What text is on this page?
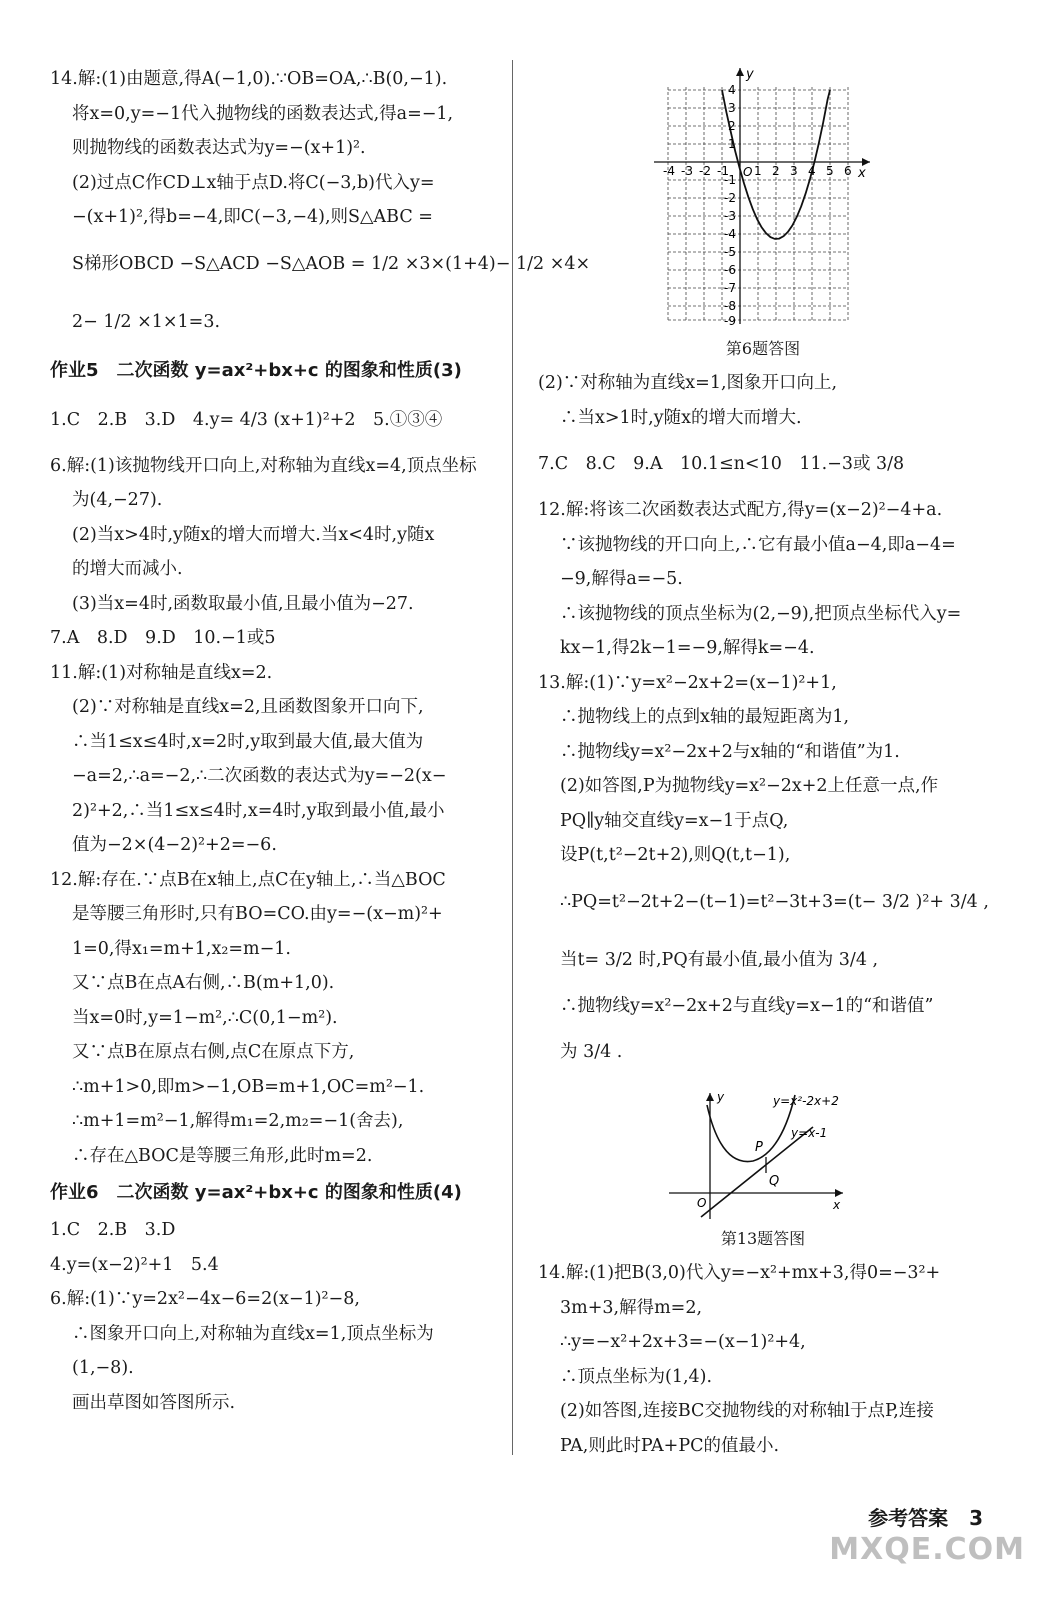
14.解:(1)由题意,得A(−1,0).∵OB=OA,∴B(0,−1).
将x=0,y=−1代入抛物线的函数表达式,得a=−1,
则抛物线的函数表达式为y=−(x+1)².
(2)过点C作CD⊥x轴于点D.将C(−3,b)代入y=
−(x+1)²,得b=−4,即C(−3,−4),则S△ABC =
S梯形OBCD −S△ACD −S△AOB = 1/2 ×3×(1+4)− 1/2 ×4×
2− 1/2 ×1×1=3.
作业5　二次函数 y=ax²+bx+c 的图象和性质(3)
1.C　2.B　3.D　4.y= 4/3 (x+1)²+2　5.①③④
6.解:(1)该抛物线开口向上,对称轴为直线x=4,顶点坐标
为(4,−27).
(2)当x>4时,y随x的增大而增大.当x<4时,y随x
的增大而减小.
(3)当x=4时,函数取最小值,且最小值为−27.
7.A　8.D　9.D　10.−1或5
11.解:(1)对称轴是直线x=2.
(2)∵对称轴是直线x=2,且函数图象开口向下,
∴当1≤x≤4时,x=2时,y取到最大值,最大值为
−a=2,∴a=−2,∴二次函数的表达式为y=−2(x−
2)²+2,∴当1≤x≤4时,x=4时,y取到最小值,最小
值为−2×(4−2)²+2=−6.
12.解:存在.∵点B在x轴上,点C在y轴上,∴当△BOC
是等腰三角形时,只有BO=CO.由y=−(x−m)²+
1=0,得x₁=m+1,x₂=m−1.
又∵点B在点A右侧,∴B(m+1,0).
当x=0时,y=1−m²,∴C(0,1−m²).
又∵点B在原点右侧,点C在原点下方,
∴m+1>0,即m>−1,OB=m+1,OC=m²−1.
∴m+1=m²−1,解得m₁=2,m₂=−1(舍去),
∴存在△BOC是等腰三角形,此时m=2.
作业6　二次函数 y=ax²+bx+c 的图象和性质(4)
1.C　2.B　3.D
4.y=(x−2)²+1　5.4
6.解:(1)∵y=2x²−4x−6=2(x−1)²−8,
∴图象开口向上,对称轴为直线x=1,顶点坐标为
(1,−8).
画出草图如答图所示.
y
x
O
-4 -3 -2 -1 1 2 3 4 5 6
4
3
2
1
-1
-2
-3
-4
-5
-6
-7
-8
-9
第6题答图
(2)∵对称轴为直线x=1,图象开口向上,
∴当x>1时,y随x的增大而增大.
7.C　8.C　9.A　10.1≤n<10　11.−3或 3/8
12.解:将该二次函数表达式配方,得y=(x−2)²−4+a.
∵该抛物线的开口向上,∴它有最小值a−4,即a−4=
−9,解得a=−5.
∴该抛物线的顶点坐标为(2,−9),把顶点坐标代入y=
kx−1,得2k−1=−9,解得k=−4.
13.解:(1)∵y=x²−2x+2=(x−1)²+1,
∴抛物线上的点到x轴的最短距离为1,
∴抛物线y=x²−2x+2与x轴的“和谐值”为1.
(2)如答图,P为抛物线y=x²−2x+2上任意一点,作
PQ∥y轴交直线y=x−1于点Q,
设P(t,t²−2t+2),则Q(t,t−1),
∴PQ=t²−2t+2−(t−1)=t²−3t+3=(t− 3/2 )²+ 3/4 ,
当t= 3/2 时,PQ有最小值,最小值为 3/4 ,
∴抛物线y=x²−2x+2与直线y=x−1的“和谐值”
为 3/4 .
y=x²-2x+2
y=x-1
P
Q
O
y
x
第13题答图
14.解:(1)把B(3,0)代入y=−x²+mx+3,得0=−3²+
3m+3,解得m=2,
∴y=−x²+2x+3=−(x−1)²+4,
∴顶点坐标为(1,4).
(2)如答图,连接BC交抛物线的对称轴l于点P,连接
PA,则此时PA+PC的值最小.
参考答案 3
MXQE.COM
